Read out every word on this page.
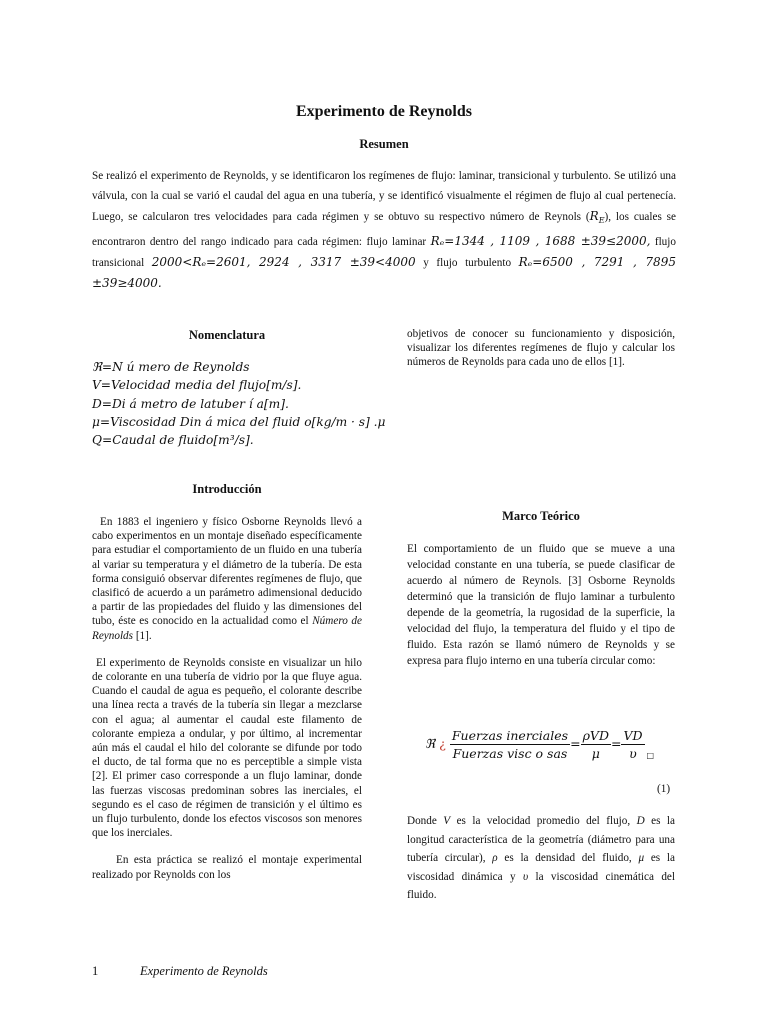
Experimento de Reynolds
Resumen
Se realizó el experimento de Reynolds, y se identificaron los regímenes de flujo: laminar, transicional y turbulento. Se utilizó una válvula, con la cual se varió el caudal del agua en una tubería, y se identificó visualmente el régimen de flujo al cual pertenecía. Luego, se calcularon tres velocidades para cada régimen y se obtuvo su respectivo número de Reynols $(R_E)$, los cuales se encontraron dentro del rango indicado para cada régimen: flujo laminar Rₑ=1344 , 1109 , 1688 ±39≤2000, flujo transicional 2000<Rₑ=2601, 2924 , 3317 ±39<4000 y flujo turbulento Rₑ=6500 , 7291 , 7895 ±39≥4000.
Nomenclatura
ℜ=N ú mero de Reynolds
V=Velocidad media del flujo[m/s].
D=Di á metro de latuber í a[m].
μ=Viscosidad Din á mica del fluid o[kg/m · s] .μ
Q=Caudal de fluido[m³/s].
Introducción

En 1883 el ingeniero y físico Osborne Reynolds llevó a cabo experimentos en un montaje diseñado específicamente para estudiar el comportamiento de un fluido en una tubería al variar su temperatura y el diámetro de la tubería. De esta forma consiguió observar diferentes regímenes de flujo, que clasificó de acuerdo a un parámetro adimensional deducido a partir de las propiedades del fluido y las dimensiones del tubo, éste es conocido en la actualidad como el Número de Reynolds [1].

El experimento de Reynolds consiste en visualizar un hilo de colorante en una tubería de vidrio por la que fluye agua. Cuando el caudal de agua es pequeño, el colorante describe una línea recta a través de la tubería sin llegar a mezclarse con el agua; al aumentar el caudal este filamento de colorante empieza a ondular, y por último, al incrementar aún más el caudal el hilo del colorante se difunde por todo el ducto, de tal forma que no es perceptible a simple vista [2]. El primer caso corresponde a un flujo laminar, donde las fuerzas viscosas predominan sobres las inerciales, el segundo es el caso de régimen de transición y el último es un flujo turbulento, donde los efectos viscosos son menores que los inerciales.

En esta práctica se realizó el montaje experimental realizado por Reynolds con los

objetivos de conocer su funcionamiento y disposición, visualizar los diferentes regímenes de flujo y calcular los números de Reynolds para cada uno de ellos [1].
Marco Teórico
El comportamiento de un fluido que se mueve a una velocidad constante en una tubería, se puede clasificar de acuerdo al número de Reynols. [3] Osborne Reynolds determinó que la transición de flujo laminar a turbulento depende de la geometría, la rugosidad de la superficie, la velocidad del flujo, la temperatura del fluido y el tipo de fluido. Esta razón se llamó número de Reynolds y se expresa para flujo interno en una tubería circular como:
ℜ ¿ $\frac{\text{Fuerzas inerciales}}{\text{Fuerzas visc o sas}} = \frac{\text{ρVD}}{\mu} = \frac{VD}{\upsilon} _□$
(1)
Donde V es la velocidad promedio del flujo, D es la longitud característica de la geometría (diámetro para una tubería circular), ρ es la densidad del fluido, μ es la viscosidad dinámica y υ la viscosidad cinemática del fluido.
1	Experimento de Reynolds
